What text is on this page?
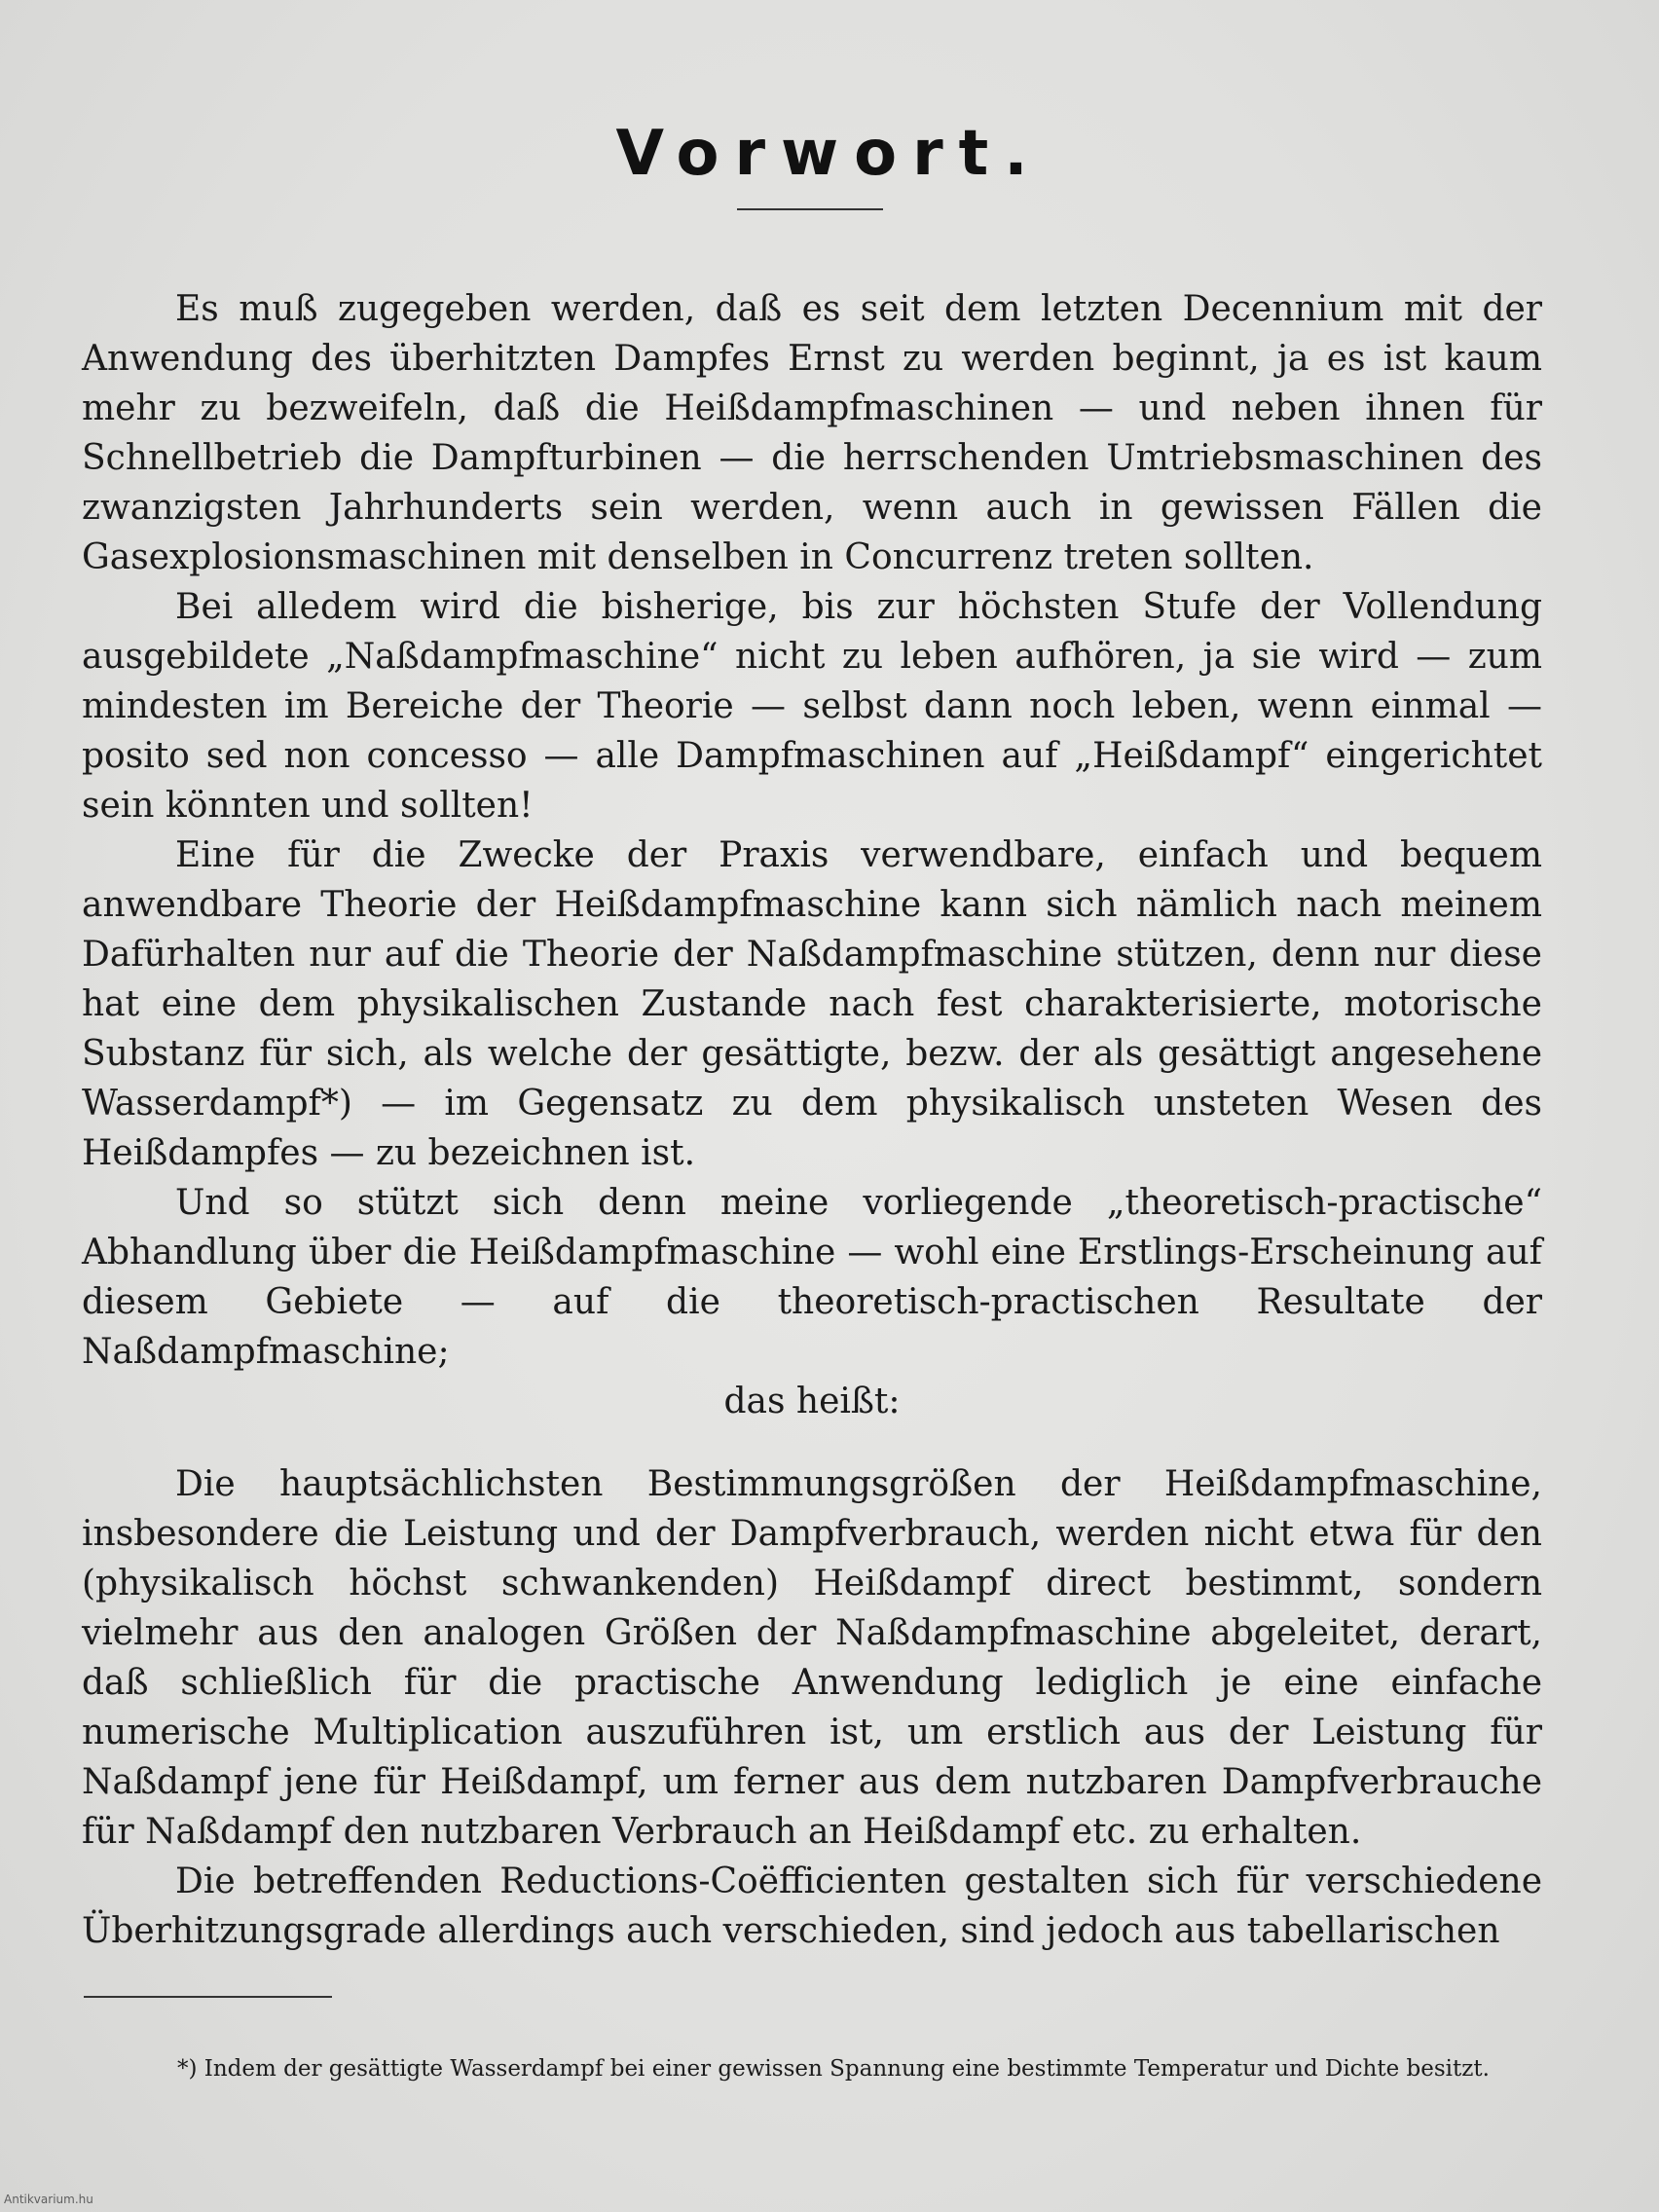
Vorwort.

Es muß zugegeben werden, daß es seit dem letzten Decennium mit der Anwendung des überhitzten Dampfes Ernst zu werden beginnt, ja es ist kaum mehr zu bezweifeln, daß die Heißdampfmaschinen — und neben ihnen für Schnellbetrieb die Dampfturbinen — die herrschenden Umtriebsmaschinen des zwanzigsten Jahrhunderts sein werden, wenn auch in gewissen Fällen die Gasexplosionsmaschinen mit denselben in Concurrenz treten sollten.

Bei alledem wird die bisherige, bis zur höchsten Stufe der Vollendung ausgebildete „Naßdampfmaschine“ nicht zu leben aufhören, ja sie wird — zum mindesten im Bereiche der Theorie — selbst dann noch leben, wenn einmal — posito sed non concesso — alle Dampfmaschinen auf „Heißdampf“ eingerichtet sein könnten und sollten!

Eine für die Zwecke der Praxis verwendbare, einfach und bequem anwendbare Theorie der Heißdampfmaschine kann sich nämlich nach meinem Dafürhalten nur auf die Theorie der Naßdampfmaschine stützen, denn nur diese hat eine dem physikalischen Zustande nach fest charakterisierte, motorische Substanz für sich, als welche der gesättigte, bezw. der als gesättigt angesehene Wasserdampf*) — im Gegensatz zu dem physikalisch unsteten Wesen des Heißdampfes — zu bezeichnen ist.

Und so stützt sich denn meine vorliegende „theoretisch-practische“ Abhandlung über die Heißdampfmaschine — wohl eine Erstlings-Erscheinung auf diesem Gebiete — auf die theoretisch-practischen Resultate der Naßdampfmaschine;

das heißt:

Die hauptsächlichsten Bestimmungsgrößen der Heißdampfmaschine, insbesondere die Leistung und der Dampfverbrauch, werden nicht etwa für den (physikalisch höchst schwankenden) Heißdampf direct bestimmt, sondern vielmehr aus den analogen Größen der Naßdampfmaschine abgeleitet, derart, daß schließlich für die practische Anwendung lediglich je eine einfache numerische Multiplication auszuführen ist, um erstlich aus der Leistung für Naßdampf jene für Heißdampf, um ferner aus dem nutzbaren Dampfverbrauche für Naßdampf den nutzbaren Verbrauch an Heißdampf etc. zu erhalten.

Die betreffenden Reductions-Coëfficienten gestalten sich für verschiedene Überhitzungsgrade allerdings auch verschieden, sind jedoch aus tabellarischen

*) Indem der gesättigte Wasserdampf bei einer gewissen Spannung eine bestimmte Temperatur und Dichte besitzt.

Antikvarium.hu
